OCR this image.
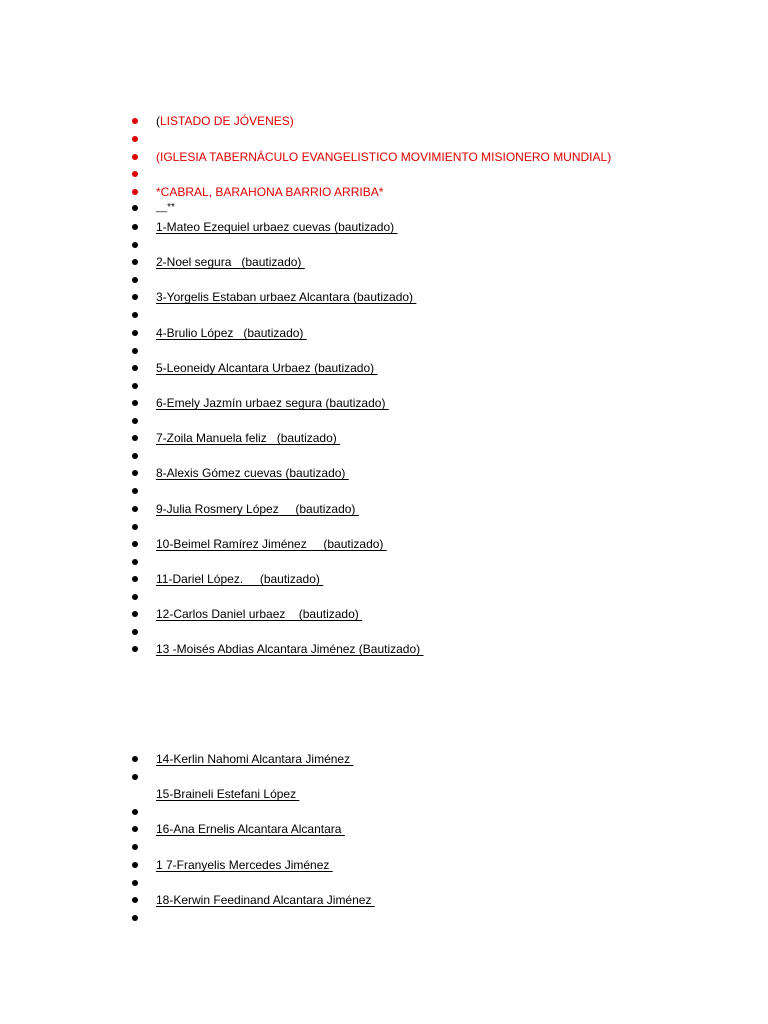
(LISTADO DE JÓVENES)

(IGLESIA TABERNÁCULO EVANGELISTICO MOVIMIENTO MISIONERO MUNDIAL)

*CABRAL, BARAHONA BARRIO ARRIBA*

__**

1-Mateo Ezequiel urbaez cuevas (bautizado)
2-Noel segura   (bautizado)
3-Yorgelis Estaban urbaez Alcantara (bautizado)
4-Brulio López   (bautizado)
5-Leoneidy Alcantara Urbaez (bautizado)
6-Emely Jazmín urbaez segura (bautizado)
7-Zoila Manuela feliz   (bautizado)
8-Alexis Gómez cuevas (bautizado)
9-Julia Rosmery López     (bautizado)
10-Beimel Ramírez Jiménez     (bautizado)
11-Dariel López.     (bautizado)
12-Carlos Daniel urbaez    (bautizado)
13 -Moisés Abdias Alcantara Jiménez (Bautizado)
14-Kerlin Nahomi Alcantara Jiménez
15-Braineli Estefani López
16-Ana Ernelis Alcantara Alcantara
1 7-Franyelis Mercedes Jiménez
18-Kerwin Feedinand Alcantara Jiménez
